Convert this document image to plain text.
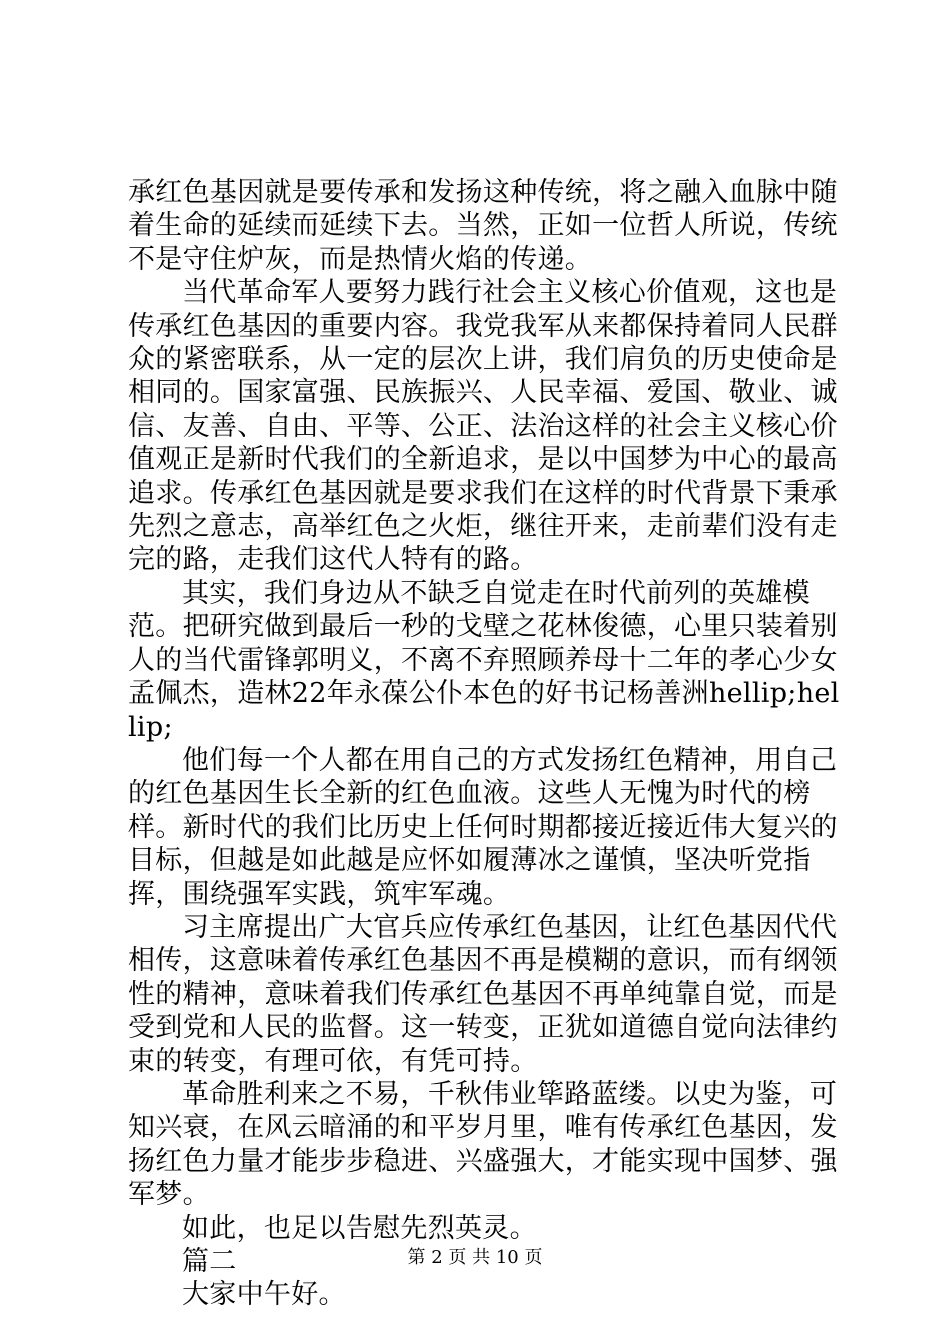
承红色基因就是要传承和发扬这种传统，将之融入血脉中随着生命的延续而延续下去。当然，正如一位哲人所说，传统不是守住炉灰，而是热情火焰的传递。

当代革命军人要努力践行社会主义核心价值观，这也是传承红色基因的重要内容。我党我军从来都保持着同人民群众的紧密联系，从一定的层次上讲，我们肩负的历史使命是相同的。国家富强、民族振兴、人民幸福、爱国、敬业、诚信、友善、自由、平等、公正、法治这样的社会主义核心价值观正是新时代我们的全新追求，是以中国梦为中心的最高追求。传承红色基因就是要求我们在这样的时代背景下秉承先烈之意志，高举红色之火炬，继往开来，走前辈们没有走完的路，走我们这代人特有的路。

其实，我们身边从不缺乏自觉走在时代前列的英雄模范。把研究做到最后一秒的戈壁之花林俊德，心里只装着别人的当代雷锋郭明义，不离不弃照顾养母十二年的孝心少女孟佩杰，造林22年永葆公仆本色的好书记杨善洲hellip;hellip;

他们每一个人都在用自己的方式发扬红色精神，用自己的红色基因生长全新的红色血液。这些人无愧为时代的榜样。新时代的我们比历史上任何时期都接近接近伟大复兴的目标，但越是如此越是应怀如履薄冰之谨慎，坚决听党指挥，围绕强军实践，筑牢军魂。

习主席提出广大官兵应传承红色基因，让红色基因代代相传，这意味着传承红色基因不再是模糊的意识，而有纲领性的精神，意味着我们传承红色基因不再单纯靠自觉，而是受到党和人民的监督。这一转变，正犹如道德自觉向法律约束的转变，有理可依，有凭可持。

革命胜利来之不易，千秋伟业筚路蓝缕。以史为鉴，可知兴衰，在风云暗涌的和平岁月里，唯有传承红色基因，发扬红色力量才能步步稳进、兴盛强大，才能实现中国梦、强军梦。

如此，也足以告慰先烈英灵。

篇二

大家中午好。

第 2 页 共 10 页
